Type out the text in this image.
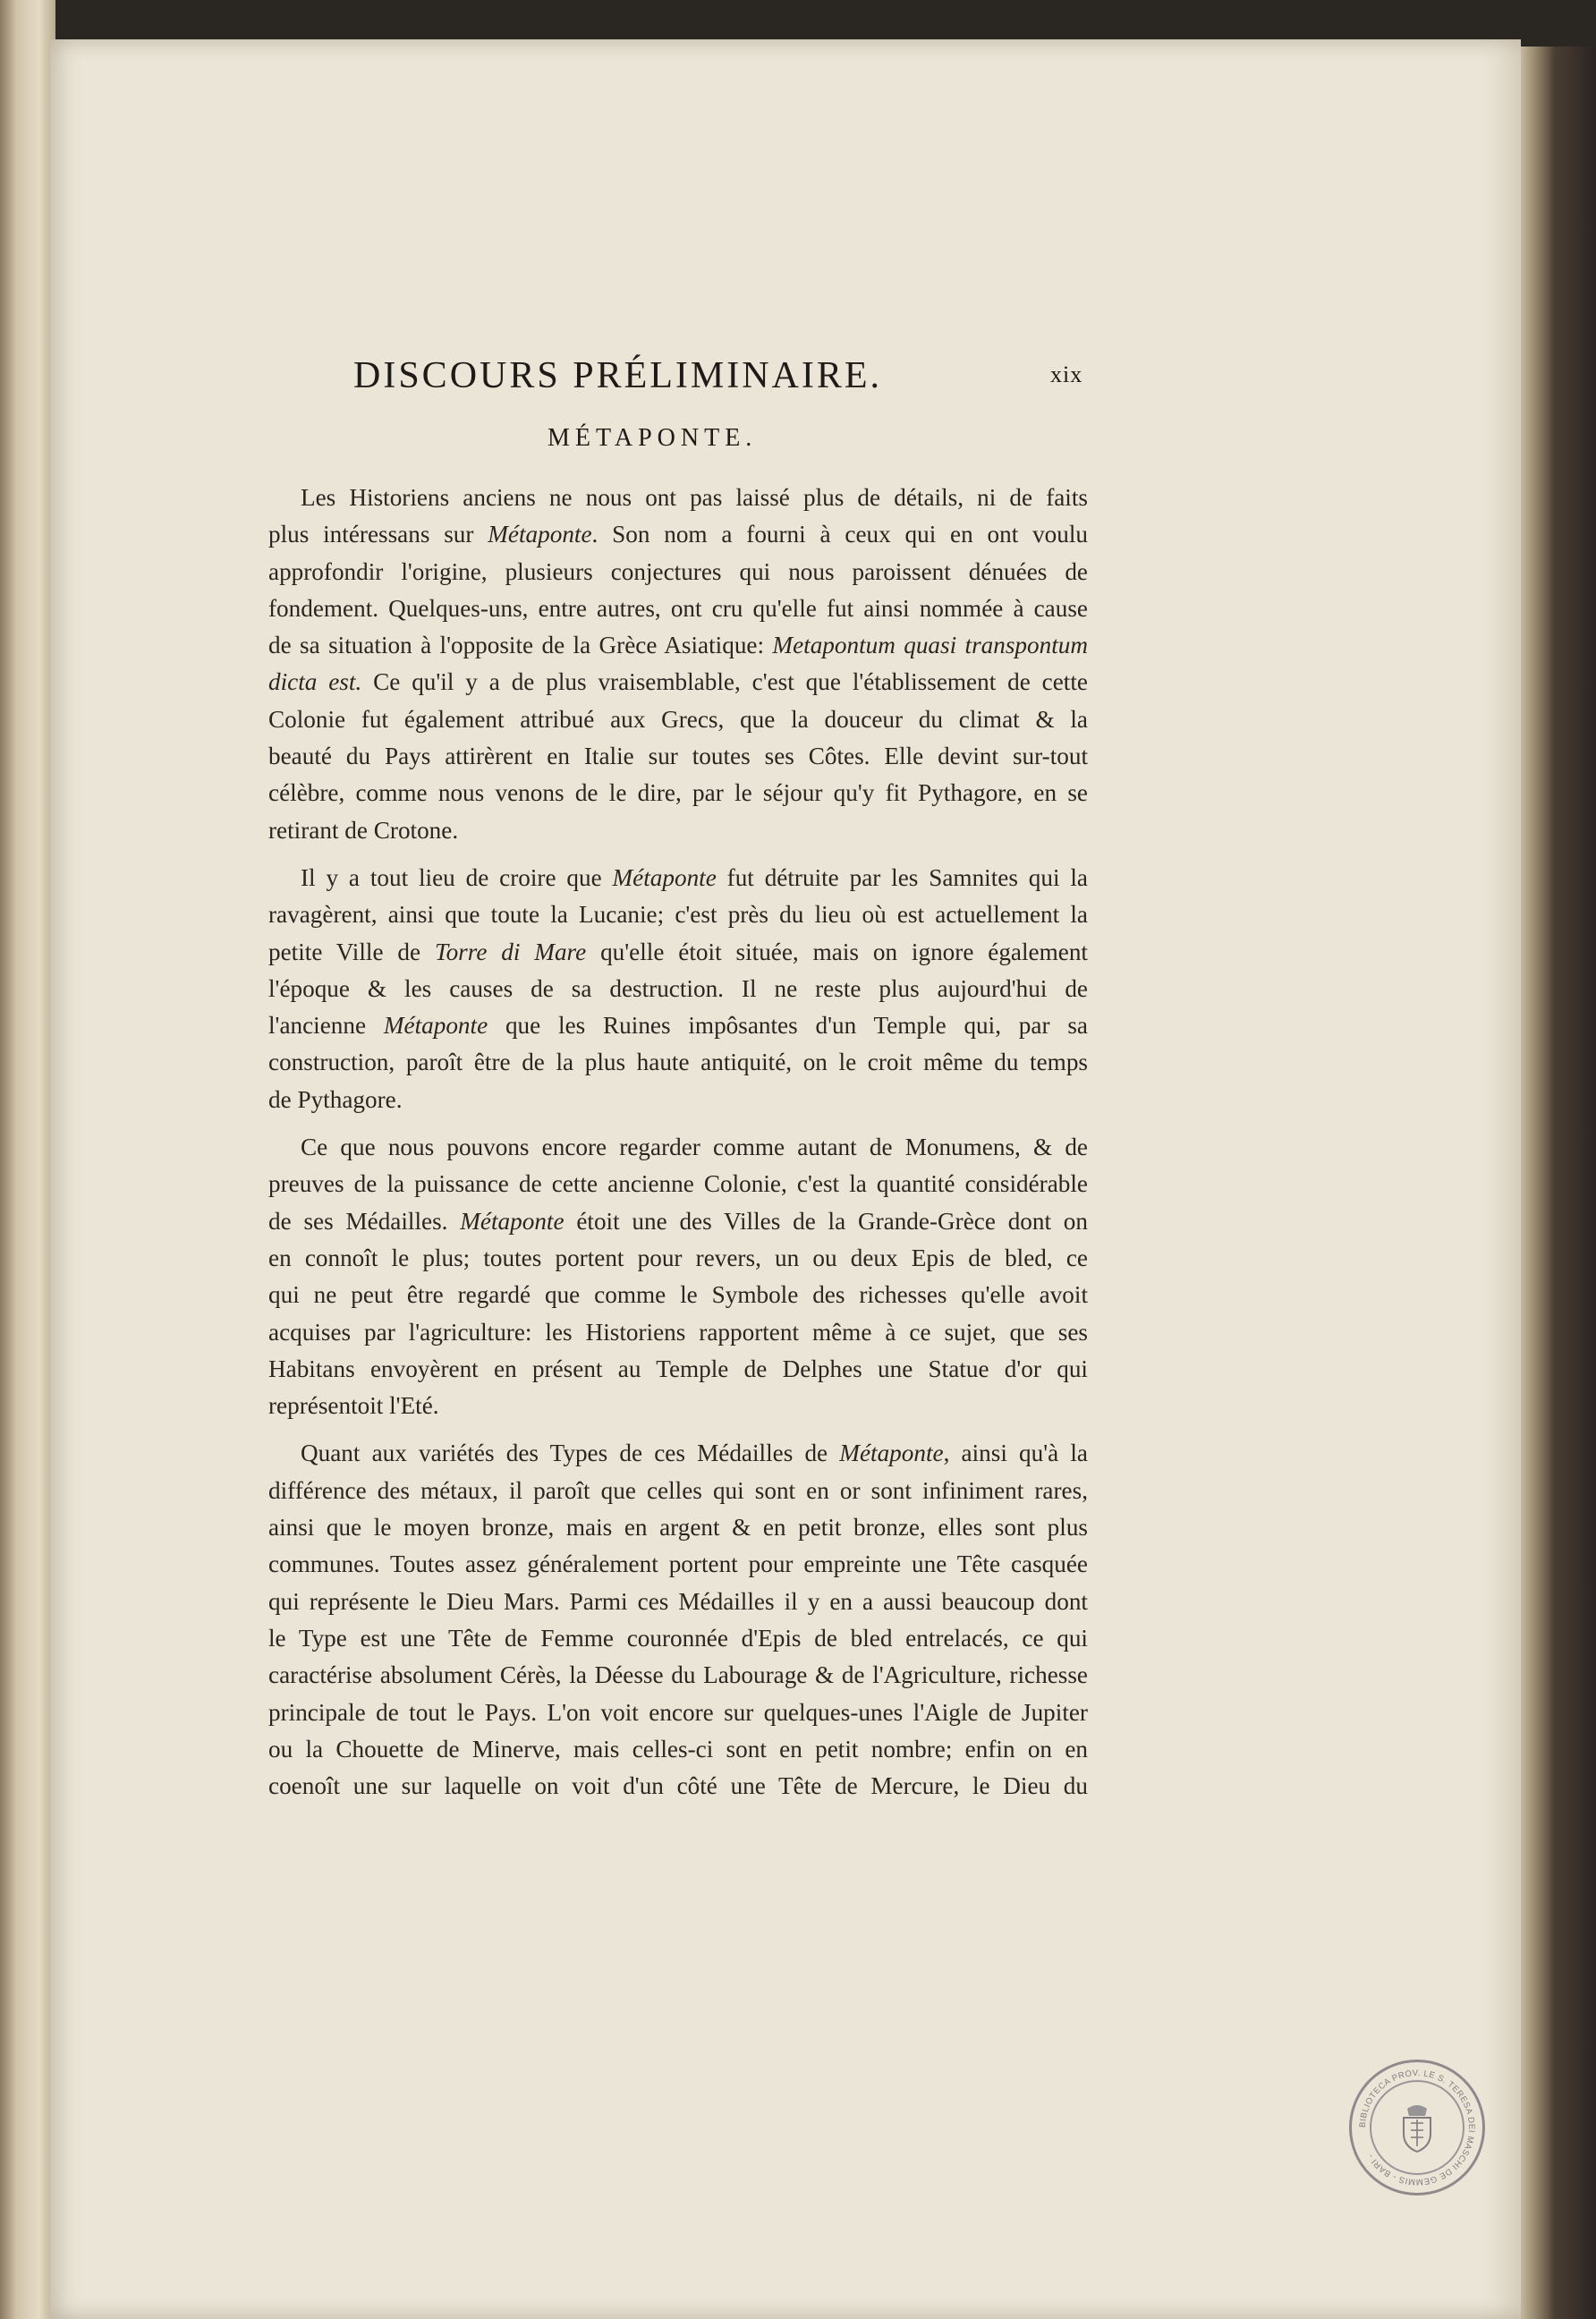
DISCOURS PRÉLIMINAIRE.	xix
MÉTAPONTE.
Les Historiens anciens ne nous ont pas laissé plus de détails, ni de faits
plus intéressans sur Métaponte. Son nom a fourni à ceux qui en ont voulu
approfondir l'origine, plusieurs conjectures qui nous paroissent dénuées de
fondement. Quelques-uns, entre autres, ont cru qu'elle fut ainsi nommée à cause
de sa situation à l'opposite de la Grèce Asiatique: Metapontum quasi transpontum
dicta est. Ce qu'il y a de plus vraisemblable, c'est que l'établissement de cette
Colonie fut également attribué aux Grecs, que la douceur du climat & la
beauté du Pays attirèrent en Italie sur toutes ses Côtes. Elle devint sur-tout
célèbre, comme nous venons de le dire, par le séjour qu'y fit Pythagore, en se
retirant de Crotone.
Il y a tout lieu de croire que Métaponte fut détruite par les Samnites qui la
ravagèrent, ainsi que toute la Lucanie; c'est près du lieu où est actuellement la
petite Ville de Torre di Mare qu'elle étoit située, mais on ignore également
l'époque & les causes de sa destruction. Il ne reste plus aujourd'hui de
l'ancienne Métaponte que les Ruines impôsantes d'un Temple qui, par sa
construction, paroît être de la plus haute antiquité, on le croit même du temps
de Pythagore.
Ce que nous pouvons encore regarder comme autant de Monumens, & de
preuves de la puissance de cette ancienne Colonie, c'est la quantité considérable
de ses Médailles. Métaponte étoit une des Villes de la Grande-Grèce dont on
en connoît le plus; toutes portent pour revers, un ou deux Epis de bled, ce
qui ne peut être regardé que comme le Symbole des richesses qu'elle avoit
acquises par l'agriculture: les Historiens rapportent même à ce sujet, que ses
Habitans envoyèrent en présent au Temple de Delphes une Statue d'or qui
représentoit l'Eté.
Quant aux variétés des Types de ces Médailles de Métaponte, ainsi qu'à la
différence des métaux, il paroît que celles qui sont en or sont infiniment rares,
ainsi que le moyen bronze, mais en argent & en petit bronze, elles sont plus
communes. Toutes assez généralement portent pour empreinte une Tête casquée
qui représente le Dieu Mars. Parmi ces Médailles il y en a aussi beaucoup dont
le Type est une Tête de Femme couronnée d'Epis de bled entrelacés, ce qui
caractérise absolument Cérès, la Déesse du Labourage & de l'Agriculture, richesse
principale de tout le Pays. L'on voit encore sur quelques-unes l'Aigle de Jupiter
ou la Chouette de Minerve, mais celles-ci sont en petit nombre; enfin on en
coenoît une sur laquelle on voit d'un côté une Tête de Mercure, le Dieu du
BIBLIOTECA PROV. LE S. TERESA DEI MASCHI DE GEMMIS - BARI -
